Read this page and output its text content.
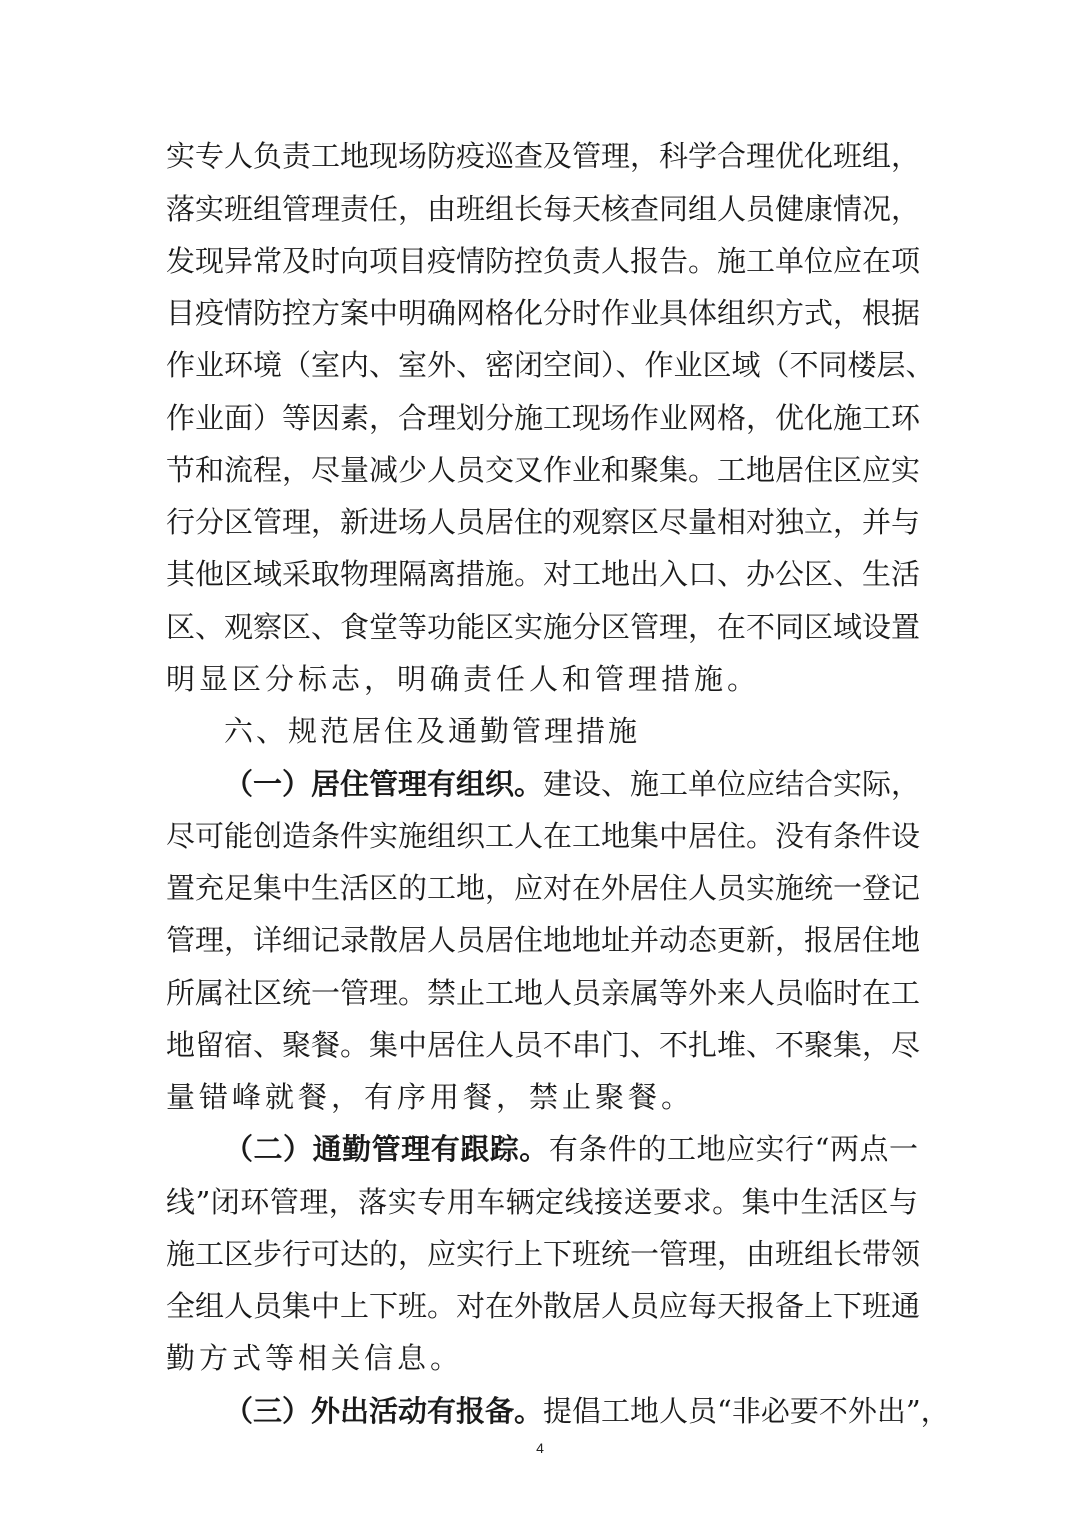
实专人负责工地现场防疫巡查及管理，科学合理优化班组，
落实班组管理责任，由班组长每天核查同组人员健康情况，
发现异常及时向项目疫情防控负责人报告。施工单位应在项
目疫情防控方案中明确网格化分时作业具体组织方式，根据
作业环境（室内、室外、密闭空间）、作业区域（不同楼层、
作业面）等因素，合理划分施工现场作业网格，优化施工环
节和流程，尽量减少人员交叉作业和聚集。工地居住区应实
行分区管理，新进场人员居住的观察区尽量相对独立，并与
其他区域采取物理隔离措施。对工地出入口、办公区、生活
区、观察区、食堂等功能区实施分区管理，在不同区域设置
明显区分标志，明确责任人和管理措施。
六、规范居住及通勤管理措施
（一）居住管理有组织。建设、施工单位应结合实际，
尽可能创造条件实施组织工人在工地集中居住。没有条件设
置充足集中生活区的工地，应对在外居住人员实施统一登记
管理，详细记录散居人员居住地地址并动态更新，报居住地
所属社区统一管理。禁止工地人员亲属等外来人员临时在工
地留宿、聚餐。集中居住人员不串门、不扎堆、不聚集，尽
量错峰就餐，有序用餐，禁止聚餐。
（二）通勤管理有跟踪。有条件的工地应实行“两点一
线”闭环管理，落实专用车辆定线接送要求。集中生活区与
施工区步行可达的，应实行上下班统一管理，由班组长带领
全组人员集中上下班。对在外散居人员应每天报备上下班通
勤方式等相关信息。
（三）外出活动有报备。提倡工地人员“非必要不外出”，
4
